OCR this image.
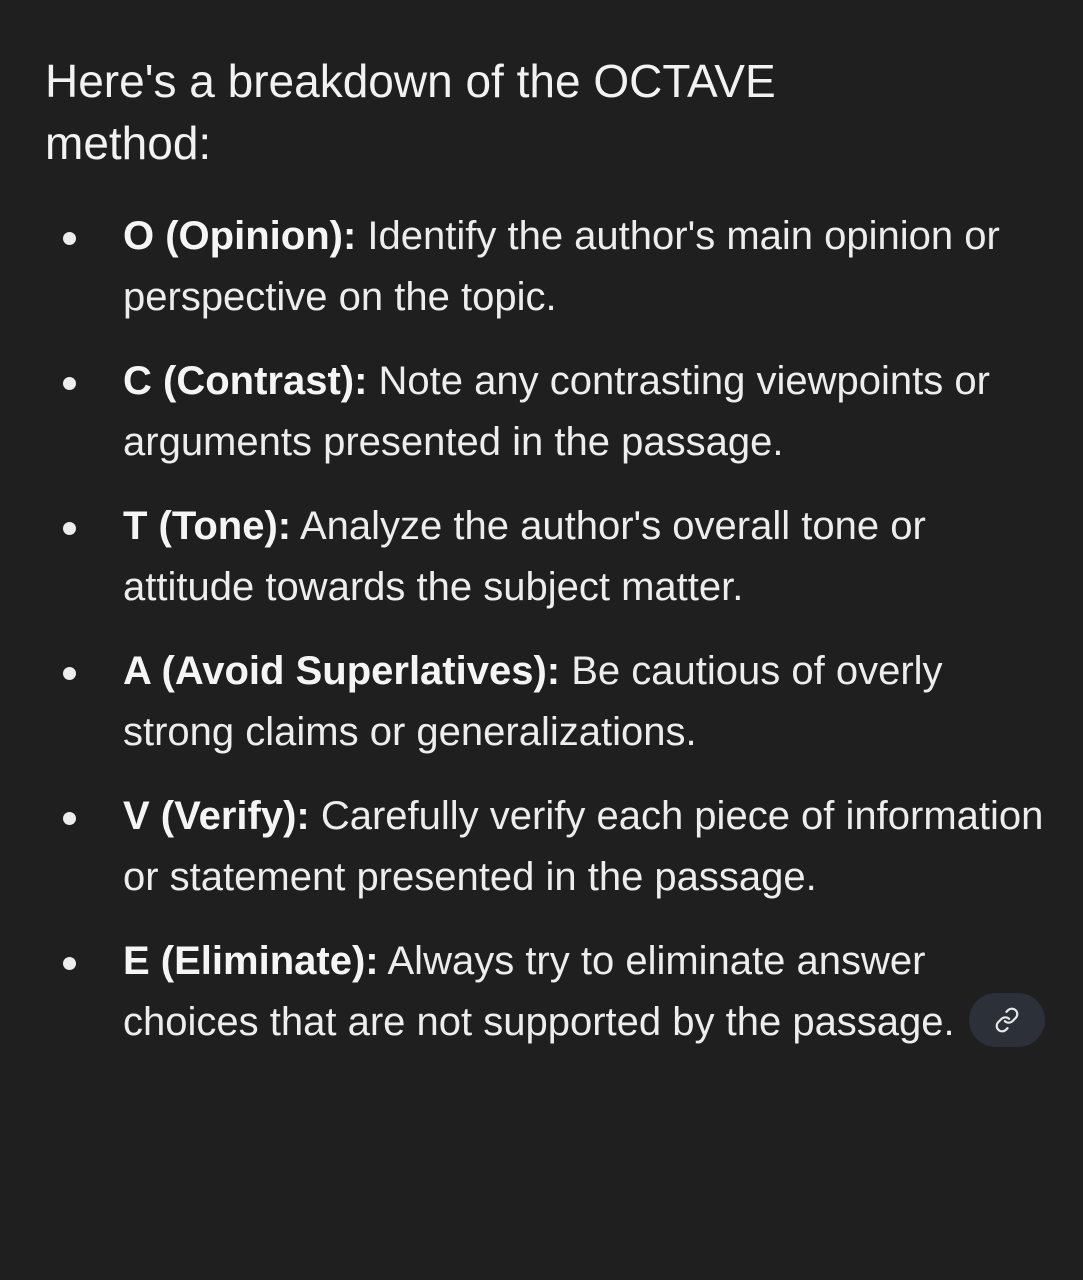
Here's a breakdown of the OCTAVE method:
O (Opinion): Identify the author's main opinion or perspective on the topic.
C (Contrast): Note any contrasting viewpoints or arguments presented in the passage.
T (Tone): Analyze the author's overall tone or attitude towards the subject matter.
A (Avoid Superlatives): Be cautious of overly strong claims or generalizations.
V (Verify): Carefully verify each piece of information or statement presented in the passage.
E (Eliminate): Always try to eliminate answer choices that are not supported by the passage.
